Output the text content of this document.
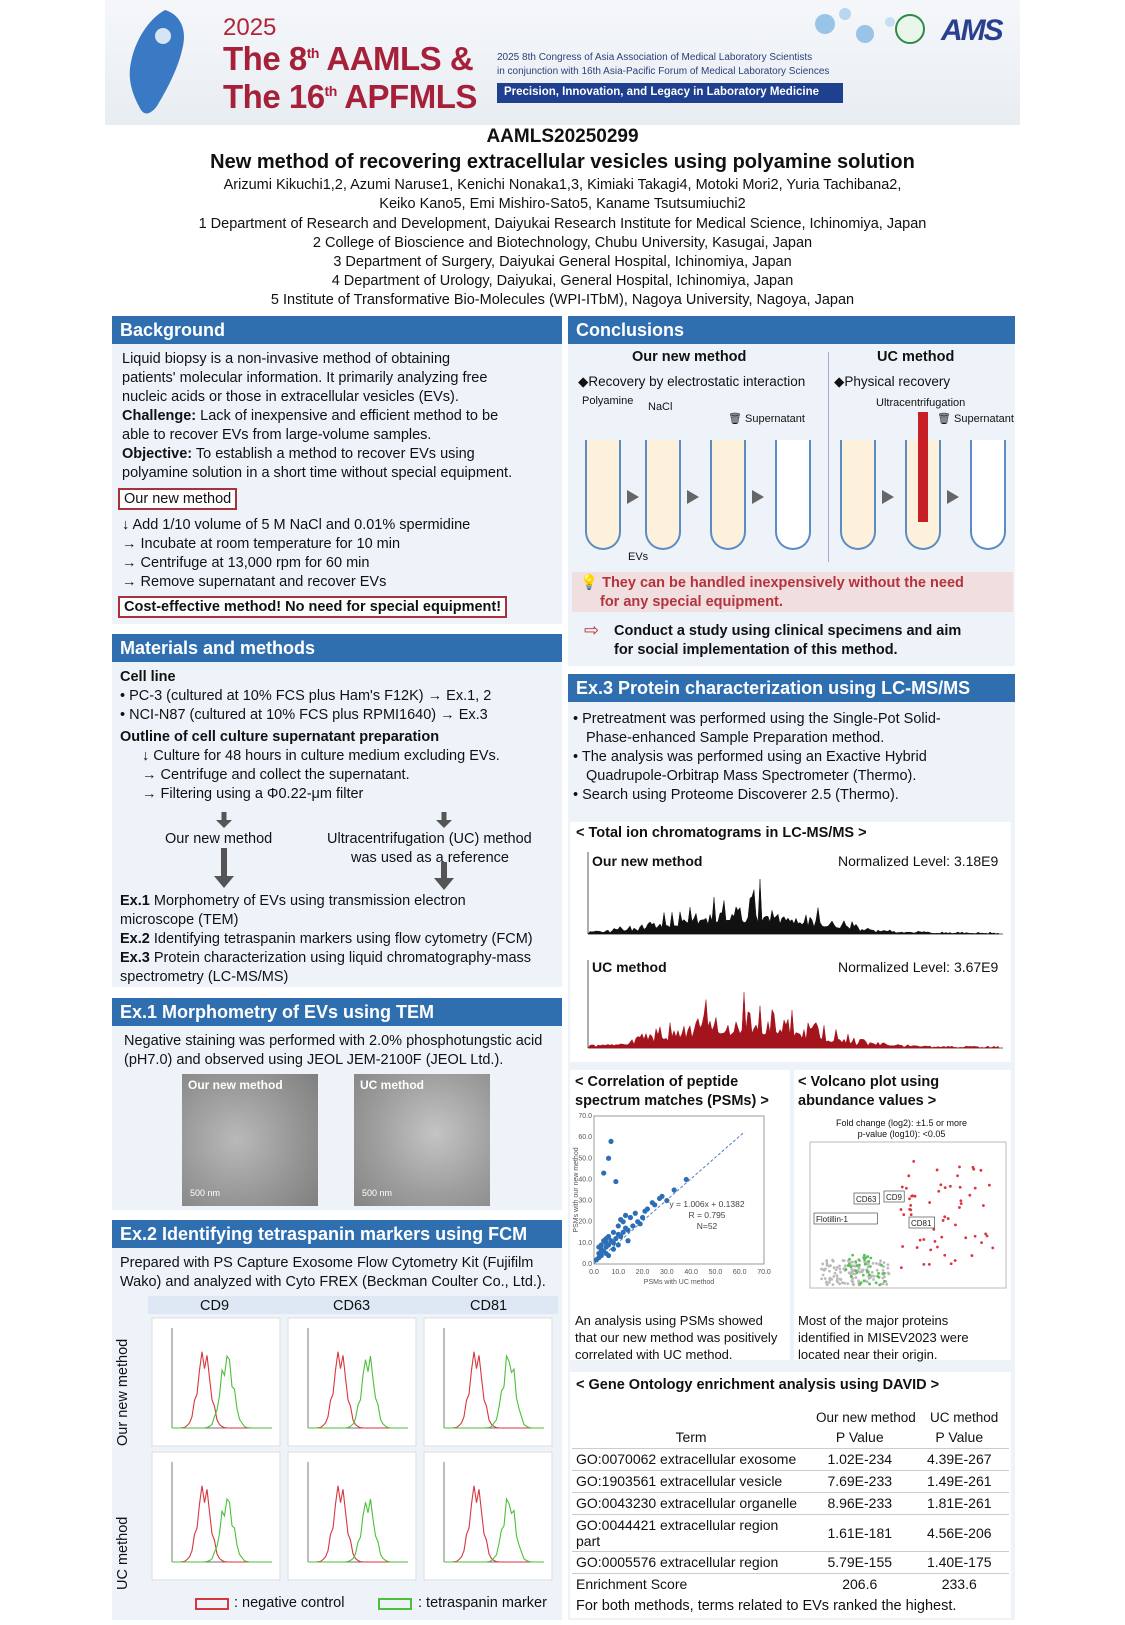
2025
The 8th AAMLS &
The 16th APFMLS
2025 8th Congress of Asia Association of Medical Laboratory Scientists
in conjunction with 16th Asia-Pacific Forum of Medical Laboratory Sciences
Precision, Innovation, and Legacy in Laboratory Medicine
AMS
AAMLS20250299
New method of recovering extracellular vesicles using polyamine solution
Arizumi Kikuchi1,2, Azumi Naruse1, Kenichi Nonaka1,3, Kimiaki Takagi4, Motoki Mori2, Yuria Tachibana2,
Keiko Kano5, Emi Mishiro-Sato5, Kaname Tsutsumiuchi2
1 Department of Research and Development, Daiyukai Research Institute for Medical Science, Ichinomiya, Japan
2 College of Bioscience and Biotechnology, Chubu University, Kasugai, Japan
3 Department of Surgery, Daiyukai General Hospital, Ichinomiya, Japan
4 Department of Urology, Daiyukai, General Hospital, Ichinomiya, Japan
5 Institute of Transformative Bio-Molecules (WPI-ITbM), Nagoya University, Nagoya, Japan
Background
Liquid biopsy is a non-invasive method of obtaining
patients' molecular information. It primarily analyzing free
nucleic acids or those in extracellular vesicles (EVs).
Challenge: Lack of inexpensive and efficient method to be
able to recover EVs from large-volume samples.
Objective: To establish a method to recover EVs using
polyamine solution in a short time without special equipment.
Our new method
↓ Add 1/10 volume of 5 M NaCl and 0.01% spermidine
→ Incubate at room temperature for 10 min
→ Centrifuge at 13,000 rpm for 60 min
→ Remove supernatant and recover EVs
Cost-effective method! No need for special equipment!
Materials and methods
Cell line
• PC-3 (cultured at 10% FCS plus Ham's F12K) → Ex.1, 2
• NCI-N87 (cultured at 10% FCS plus RPMI1640) → Ex.3
Outline of cell culture supernatant preparation
↓ Culture for 48 hours in culture medium excluding EVs.
→ Centrifuge and collect the supernatant.
→ Filtering using a Φ0.22-μm filter
Our new method	Ultracentrifugation (UC) method
was used as a reference
Ex.1 Morphometry of EVs using transmission electron
microscope (TEM)
Ex.2 Identifying tetraspanin markers using flow cytometry (FCM)
Ex.3 Protein characterization using liquid chromatography-mass
spectrometry (LC-MS/MS)
Ex.1 Morphometry of EVs using TEM
Negative staining was performed with 2.0% phosphotungstic acid
(pH7.0) and observed using JEOL JEM-2100F (JEOL Ltd.).
Our new method
500 nm
UC method
500 nm
Ex.2 Identifying tetraspanin markers using FCM
Prepared with PS Capture Exosome Flow Cytometry Kit (Fujifilm
Wako) and analyzed with Cyto FREX (Beckman Coulter Co., Ltd.).
CD9	CD63	CD81
Our new method
UC method
: negative control	: tetraspanin marker
Conclusions
Our new method	UC method
◆Recovery by electrostatic interaction ◆Physical recovery
Polyamine NaCl
🗑 Supernatant
Ultracentrifugation
🗑 Supernatant
EVs
💡 They can be handled inexpensively without the need
for any special equipment.
⇨ Conduct a study using clinical specimens and aim
for social implementation of this method.
Ex.3 Protein characterization using LC-MS/MS
• Pretreatment was performed using the Single-Pot Solid-
Phase-enhanced Sample Preparation method.
• The analysis was performed using an Exactive Hybrid
Quadrupole-Orbitrap Mass Spectrometer (Thermo).
• Search using Proteome Discoverer 2.5 (Thermo).
< Total ion chromatograms in LC-MS/MS >
Our new method	Normalized Level: 3.18E9
UC method	Normalized Level: 3.67E9
< Correlation of peptide
spectrum matches (PSMs) >
0.0
0.0
10.0
10.0
20.0
20.0
30.0
30.0
40.0
40.0
50.0
50.0
60.0
60.0
70.0
70.0
PSMs with UC method
PSMs with our new method	y = 1.006x + 0.1382
R = 0.795
N=52
An analysis using PSMs showed
that our new method was positively
correlated with UC method.
< Volcano plot using
abundance values >
Fold change (log2): ±1.5 or more
p-value (log10): <0.05
CD63 CD9
Flotillin-1	CD81
Most of the major proteins
identified in MISEV2023 were
located near their origin.
< Gene Ontology enrichment analysis using DAVID >
Our new method UC method
Term	P Value	P Value
GO:0070062 extracellular exosome	1.02E-234	4.39E-267
GO:1903561 extracellular vesicle	7.69E-233	1.49E-261
GO:0043230 extracellular organelle	8.96E-233	1.81E-261
GO:0044421 extracellular region part	1.61E-181	4.56E-206
GO:0005576 extracellular region	5.79E-155	1.40E-175
Enrichment Score	206.6	233.6
For both methods, terms related to EVs ranked the highest.
